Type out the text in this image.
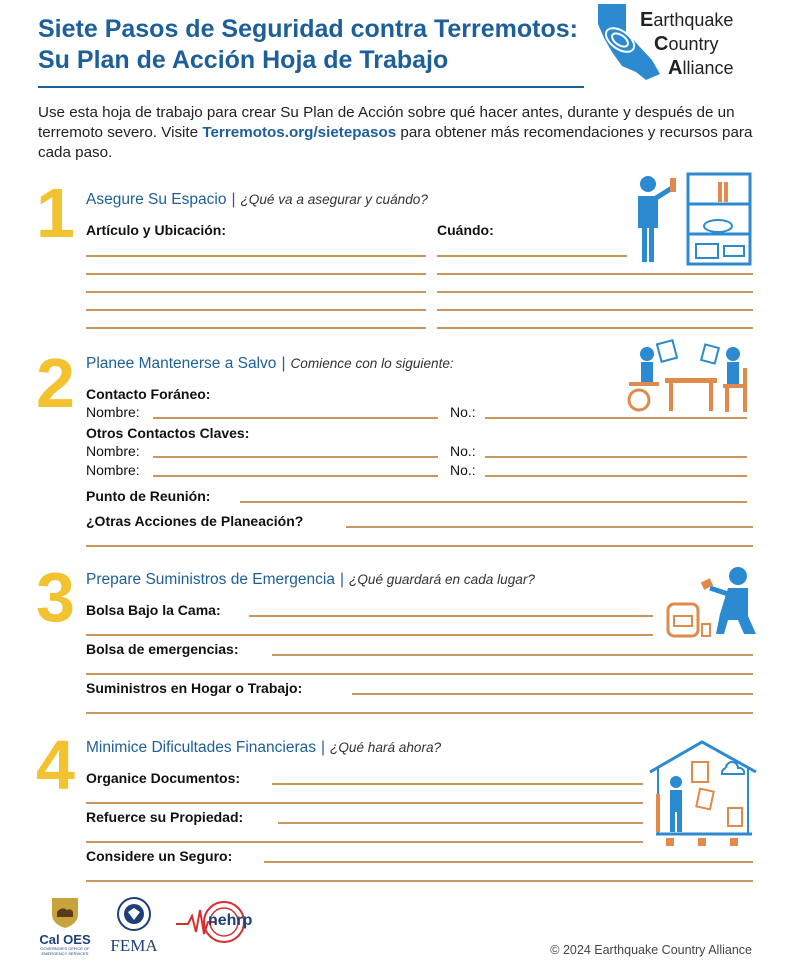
Siete Pasos de Seguridad contra Terremotos:
Su Plan de Acción Hoja de Trabajo
Earthquake
Country
Alliance
Use esta hoja de trabajo para crear Su Plan de Acción sobre qué hacer antes, durante y después de un terremoto severo. Visite Terremotos.org/sietepasos para obtener más recomendaciones y recursos para cada paso.
1 Asegure Su Espacio | ¿Qué va a asegurar y cuándo?
Artículo y Ubicación:	Cuándo:
2 Planee Mantenerse a Salvo | Comience con lo siguiente:
Contacto Foráneo:
Nombre:	No.:
Otros Contactos Claves:
Nombre:	No.:
Nombre:	No.:
Punto de Reunión:
¿Otras Acciones de Planeación?
3 Prepare Suministros de Emergencia | ¿Qué guardará en cada lugar?
Bolsa Bajo la Cama:
Bolsa de emergencias:
Suministros en Hogar o Trabajo:
4 Minimice Dificultades Financieras | ¿Qué hará ahora?
Organice Documentos:
Refuerce su Propiedad:
Considere un Seguro:
Cal OES
GOVERNOR'S OFFICE OF EMERGENCY SERVICES	FEMA
nehrp
© 2024 Earthquake Country Alliance
